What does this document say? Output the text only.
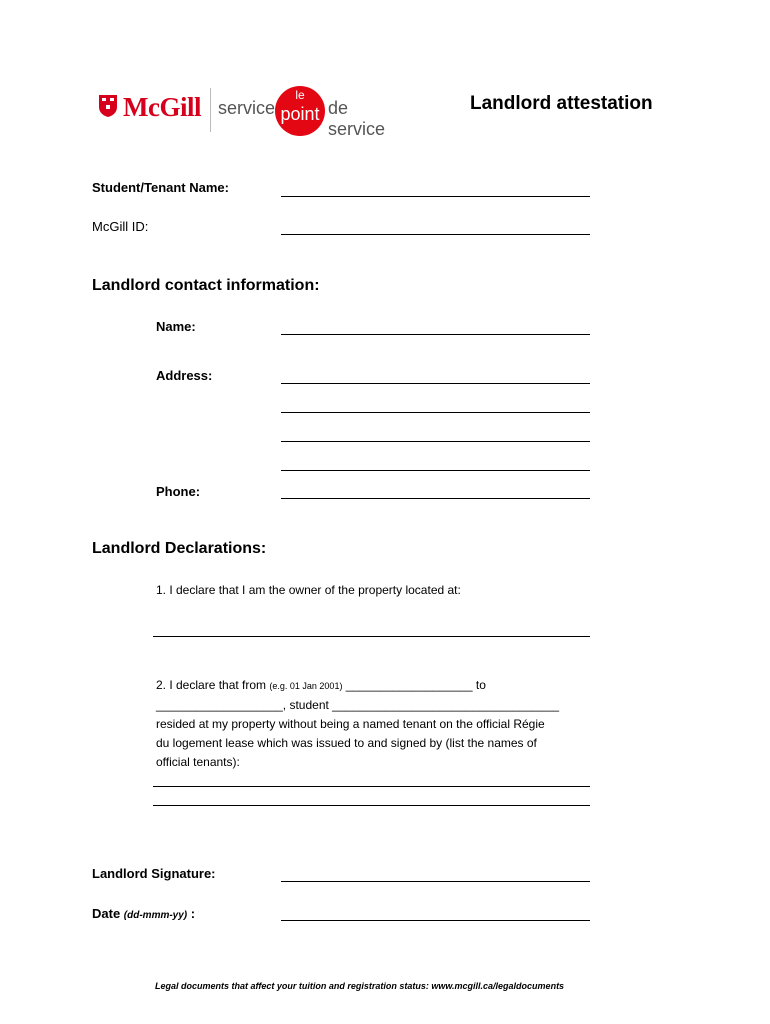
McGill service
le
point de service
Landlord attestation
Student/Tenant Name:
McGill ID:
Landlord contact information:
Name:
Address:
Phone:
Landlord Declarations:
1. I declare that I am the owner of the property located at:
2. I declare that from (e.g. 01 Jan 2001) ___________________ to
___________________, student __________________________________
resided at my property without being a named tenant on the official Régie
du logement lease which was issued to and signed by (list the names of
official tenants):
Landlord Signature:
Date (dd-mmm-yy) :
Legal documents that affect your tuition and registration status: www.mcgill.ca/legaldocuments
